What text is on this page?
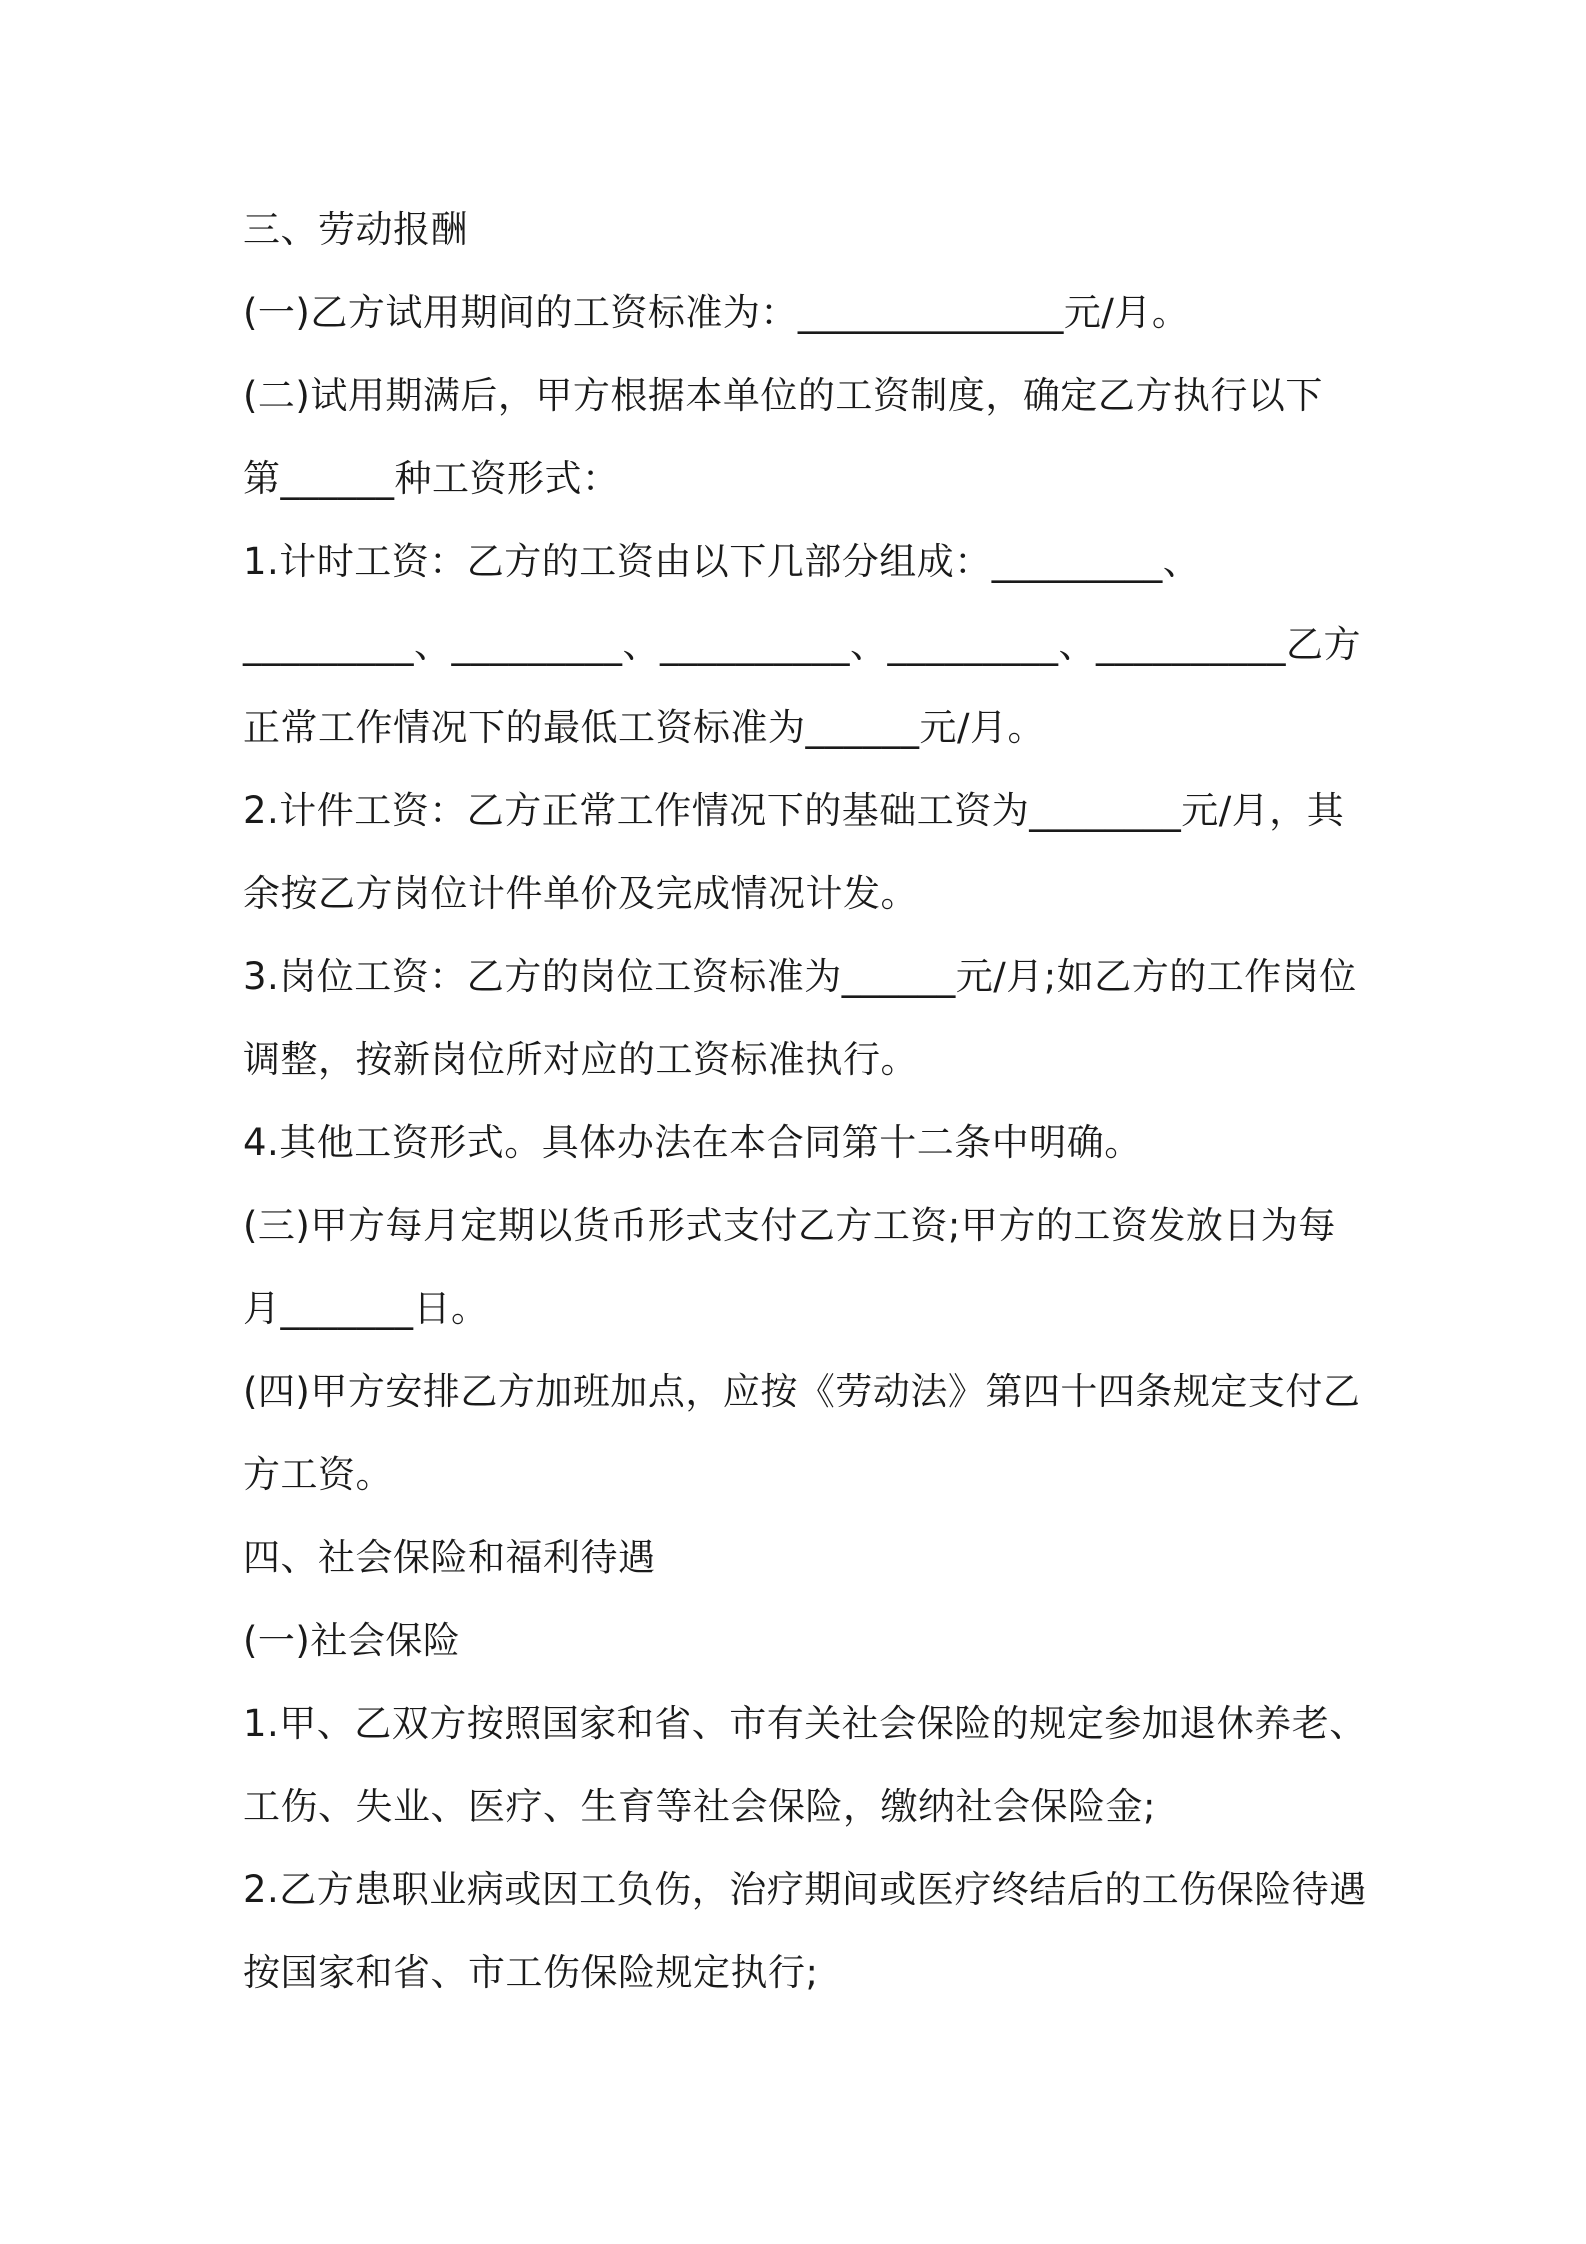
三、劳动报酬
(一)乙方试用期间的工资标准为：______________元/月。
(二)试用期满后，甲方根据本单位的工资制度，确定乙方执行以下
第______种工资形式：
1.计时工资：乙方的工资由以下几部分组成：_________、
_________、_________、__________、_________、__________乙方
正常工作情况下的最低工资标准为______元/月。
2.计件工资：乙方正常工作情况下的基础工资为________元/月，其
余按乙方岗位计件单价及完成情况计发。
3.岗位工资：乙方的岗位工资标准为______元/月;如乙方的工作岗位
调整，按新岗位所对应的工资标准执行。
4.其他工资形式。具体办法在本合同第十二条中明确。
(三)甲方每月定期以货币形式支付乙方工资;甲方的工资发放日为每
月_______日。
(四)甲方安排乙方加班加点，应按《劳动法》第四十四条规定支付乙
方工资。
四、社会保险和福利待遇
(一)社会保险
1.甲、乙双方按照国家和省、市有关社会保险的规定参加退休养老、
工伤、失业、医疗、生育等社会保险，缴纳社会保险金;
2.乙方患职业病或因工负伤，治疗期间或医疗终结后的工伤保险待遇
按国家和省、市工伤保险规定执行;
